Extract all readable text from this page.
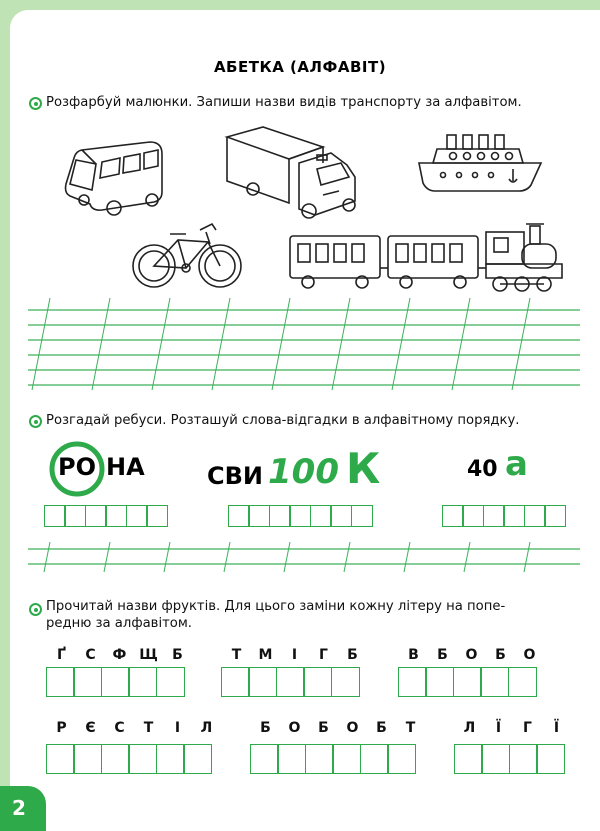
2
АБЕТКА (АЛФАВІТ)
Розфарбуй малюнки. Запиши назви видів транспорту за алфавітом.
Розгадай ребуси. Розташуй слова-відгадки в алфавітному порядку.
РО НА	СВИ 100 К	40 а
Прочитай назви фруктів. Для цього заміни кожну літеру на попе-
редню за алфавітом.
Ґ	С	Ф Щ	Б	Т	М	І	Г	Б	В	Б	О	Б	О
Р	Є	С	Т	І	Л	Б	О	Б	О	Б	Т	Л	Ї	Г	Ї
